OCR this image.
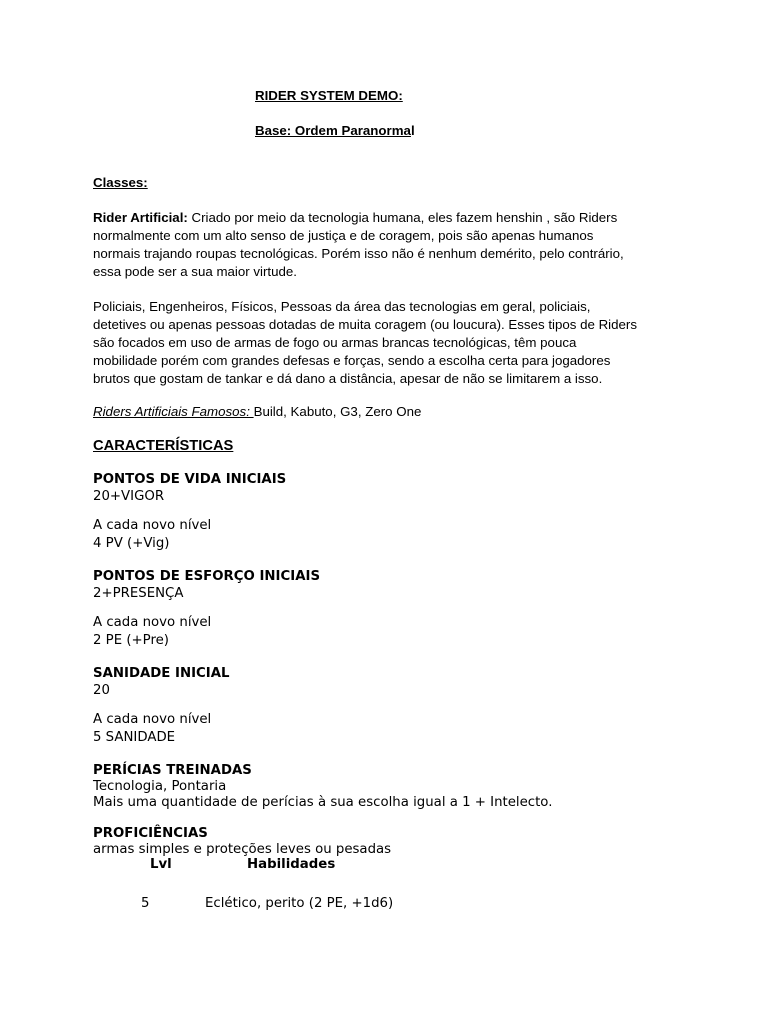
RIDER SYSTEM DEMO:

Base: Ordem Paranormal

Classes:

Rider Artificial: Criado por meio da tecnologia humana, eles fazem henshin , são Riders
normalmente com um alto senso de justiça e de coragem, pois são apenas humanos
normais trajando roupas tecnológicas. Porém isso não é nenhum demérito, pelo contrário,
essa pode ser a sua maior virtude.
Policiais, Engenheiros, Físicos, Pessoas da área das tecnologias em geral, policiais,
detetives ou apenas pessoas dotadas de muita coragem (ou loucura). Esses tipos de Riders
são focados em uso de armas de fogo ou armas brancas tecnológicas, têm pouca
mobilidade porém com grandes defesas e forças, sendo a escolha certa para jogadores
brutos que gostam de tankar e dá dano a distância, apesar de não se limitarem a isso.

Riders Artificiais Famosos: Build, Kabuto, G3, Zero One

CARACTERÍSTICAS

PONTOS DE VIDA INICIAIS

20+VIGOR

A cada novo nível

4 PV (+Vig)

PONTOS DE ESFORÇO INICIAIS

2+PRESENÇA

A cada novo nível

2 PE (+Pre)

SANIDADE INICIAL

20

A cada novo nível

5 SANIDADE

PERÍCIAS TREINADAS

Tecnologia, Pontaria

Mais uma quantidade de perícias à sua escolha igual a 1 + Intelecto.

PROFICIÊNCIAS

armas simples e proteções leves ou pesadas

Lvl	Habilidades

5	Eclético, perito (2 PE, +1d6)
